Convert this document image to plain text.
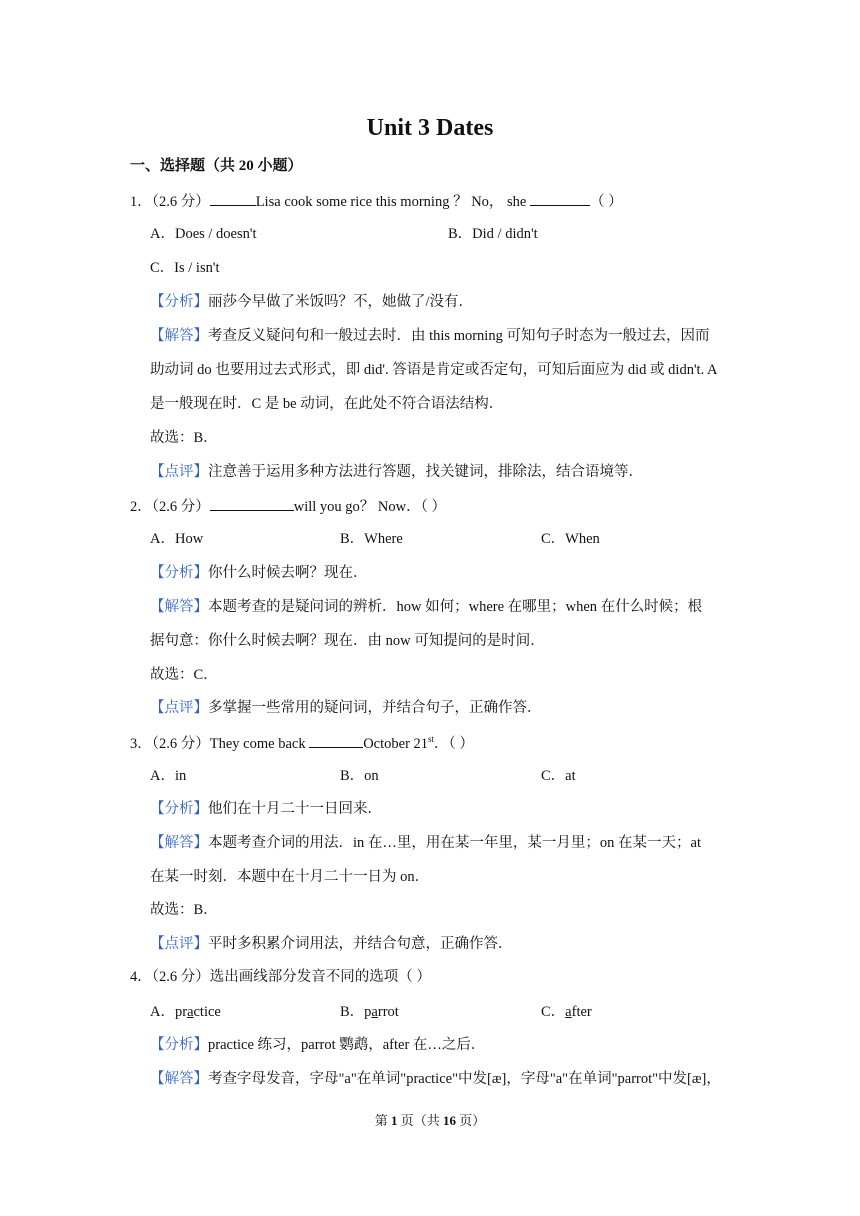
Unit 3 Dates
一、选择题（共 20 小题）
1．（2.6 分）	Lisa cook some rice this morning ？ No， she	（ ）
A．Does / doesn't	B．Did / didn't
C．Is / isn't
【分析】丽莎今早做了米饭吗？不，她做了/没有．
【解答】考查反义疑问句和一般过去时．由 this morning 可知句子时态为一般过去，因而
助动词 do 也要用过去式形式，即 did'. 答语是肯定或否定句，可知后面应为 did 或 didn't. A
是一般现在时．C 是 be 动词，在此处不符合语法结构．
故选：B．
【点评】注意善于运用多种方法进行答题，找关键词，排除法，结合语境等．
2．（2.6 分）	will you go？ Now．（ ）
A．How	B．Where	C．When
【分析】你什么时候去啊？现在．
【解答】本题考查的是疑问词的辨析．how 如何；where 在哪里；when 在什么时候；根
据句意：你什么时候去啊？现在．由 now 可知提问的是时间．
故选：C．
【点评】多掌握一些常用的疑问词，并结合句子，正确作答．
3．（2.6 分）They come back	October 21st．（ ）
A．in	B．on	C．at
【分析】他们在十月二十一日回来．
【解答】本题考查介词的用法．in 在…里，用在某一年里，某一月里；on 在某一天；at
在某一时刻．本题中在十月二十一日为 on．
故选：B．
【点评】平时多积累介词用法，并结合句意，正确作答．
4．（2.6 分）选出画线部分发音不同的选项（ ）
A．practice	B．parrot	C．after
【分析】practice 练习，parrot 鹦鹉，after 在…之后．
【解答】考查字母发音，字母"a"在单词"practice"中发[æ]，字母"a"在单词"parrot"中发[æ]，
第 1 页（共 16 页）
